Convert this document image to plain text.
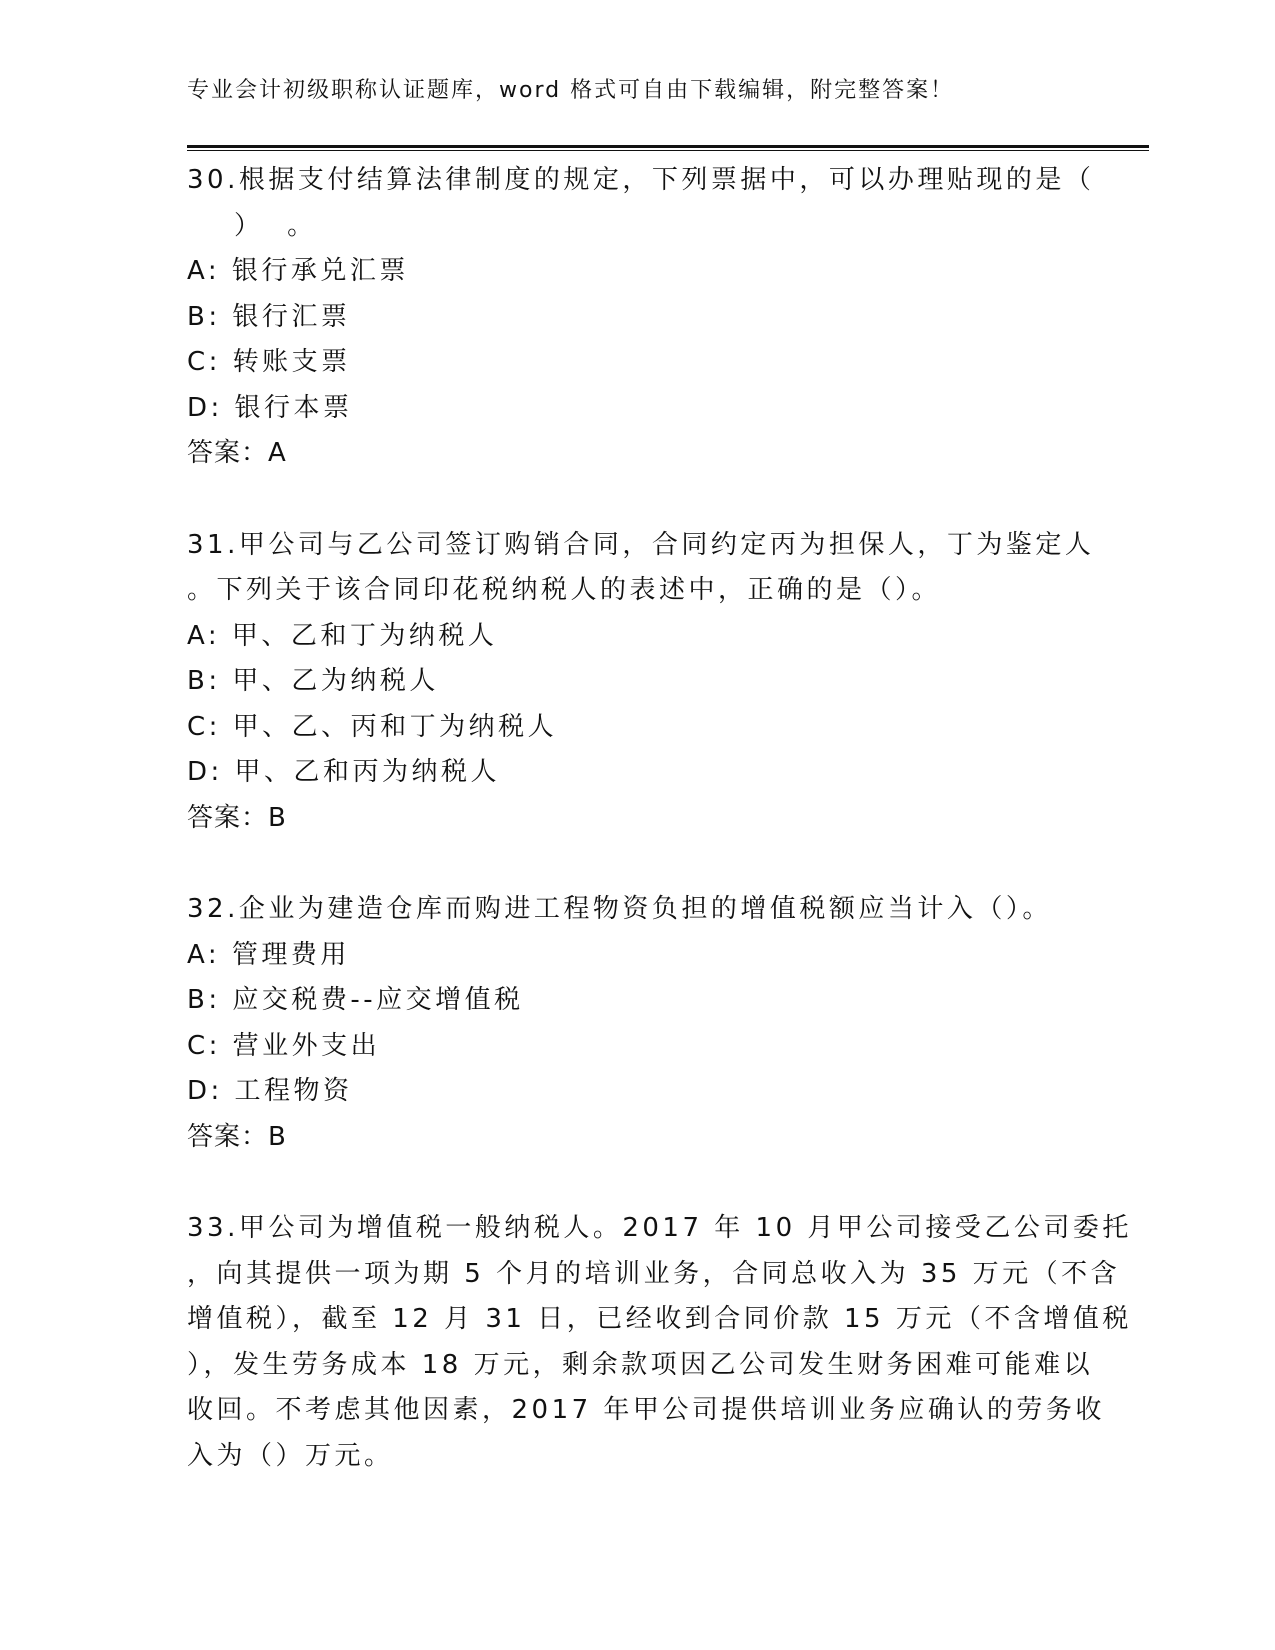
专业会计初级职称认证题库，word 格式可自由下载编辑，附完整答案！
30.根据支付结算法律制度的规定，下列票据中，可以办理贴现的是（
）  。
A: 银行承兑汇票
B: 银行汇票
C: 转账支票
D: 银行本票
答案：A
31.甲公司与乙公司签订购销合同，合同约定丙为担保人，丁为鉴定人
。下列关于该合同印花税纳税人的表述中，正确的是（）。
A: 甲、乙和丁为纳税人
B: 甲、乙为纳税人
C: 甲、乙、丙和丁为纳税人
D: 甲、乙和丙为纳税人
答案：B
32.企业为建造仓库而购进工程物资负担的增值税额应当计入（）。
A: 管理费用
B: 应交税费--应交增值税
C: 营业外支出
D: 工程物资
答案：B
33.甲公司为增值税一般纳税人。2017 年 10 月甲公司接受乙公司委托
，向其提供一项为期 5 个月的培训业务，合同总收入为 35 万元（不含
增值税），截至 12 月 31 日，已经收到合同价款 15 万元（不含增值税
），发生劳务成本 18 万元，剩余款项因乙公司发生财务困难可能难以
收回。不考虑其他因素，2017 年甲公司提供培训业务应确认的劳务收
入为（）万元。
